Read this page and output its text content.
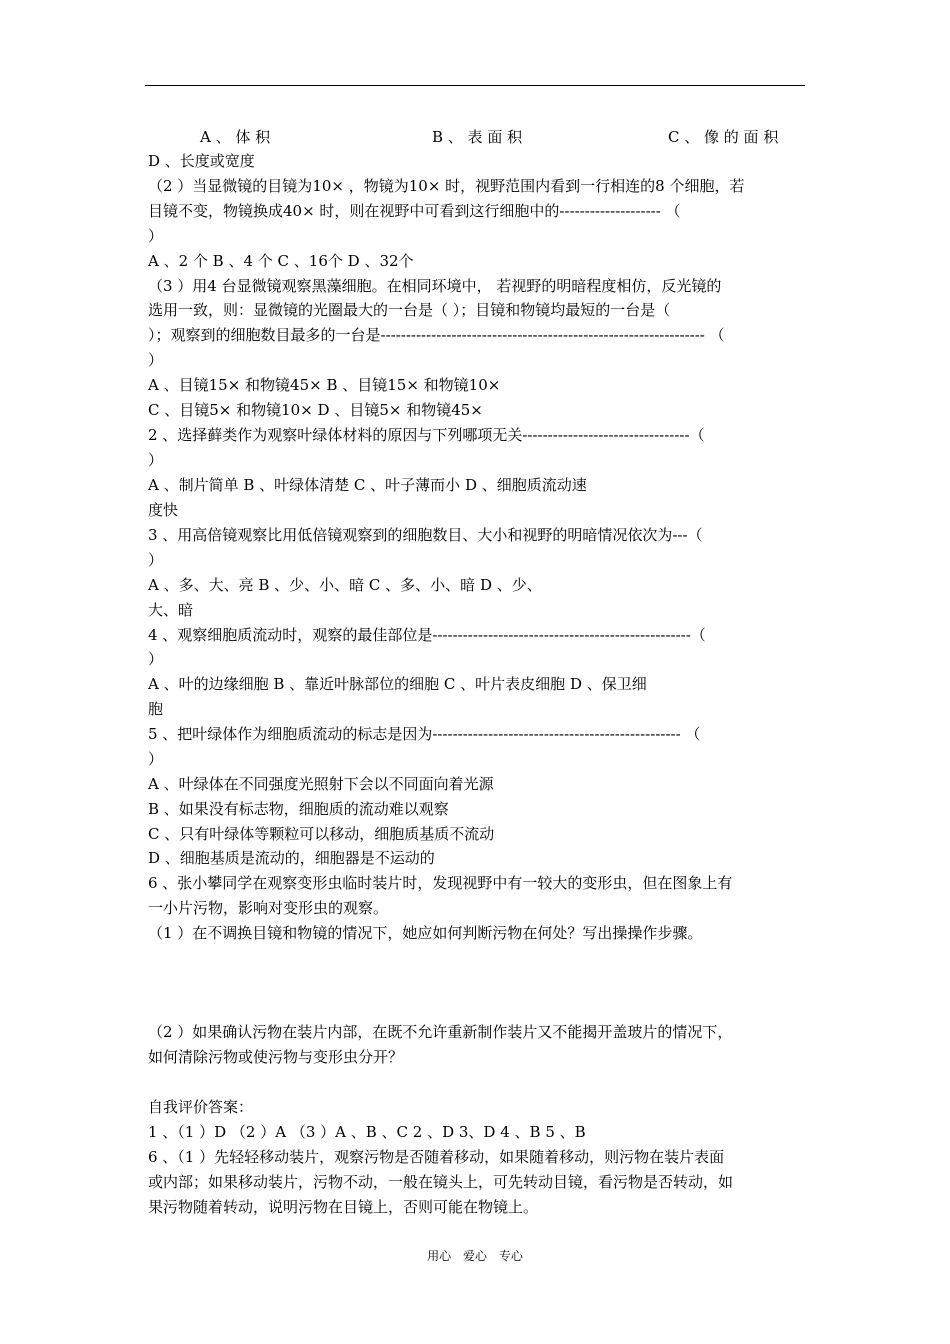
A 、 体 积	B 、 表 面 积	C 、 像 的 面 积
D 、长度或宽度
（2 ）当显微镜的目镜为10× ，物镜为10× 时，视野范围内看到一行相连的8 个细胞，若
目镜不变，物镜换成40× 时，则在视野中可看到这行细胞中的-------------------- （
）
A 、2 个 B 、4 个 C 、16个 D 、32个
（3 ）用4 台显微镜观察黑藻细胞。在相同环境中， 若视野的明暗程度相仿，反光镜的
选用一致，则：显微镜的光圈最大的一台是（ ）；目镜和物镜均最短的一台是（
）；观察到的细胞数目最多的一台是---------------------------------------------------------------- （
）
A 、目镜15× 和物镜45× B 、目镜15× 和物镜10×
C 、目镜5× 和物镜10× D 、目镜5× 和物镜45×
2 、选择藓类作为观察叶绿体材料的原因与下列哪项无关---------------------------------（
）
A 、制片简单 B 、叶绿体清楚 C 、叶子薄而小 D 、细胞质流动速
度快
3 、用高倍镜观察比用低倍镜观察到的细胞数目、大小和视野的明暗情况依次为---（
）
A 、多、大、亮 B 、少、小、暗 C 、多、小、暗 D 、少、
大、暗
4 、观察细胞质流动时，观察的最佳部位是---------------------------------------------------（
）
A 、叶的边缘细胞 B 、靠近叶脉部位的细胞 C 、叶片表皮细胞 D 、保卫细
胞
5 、把叶绿体作为细胞质流动的标志是因为------------------------------------------------- （
）
A 、叶绿体在不同强度光照射下会以不同面向着光源
B 、如果没有标志物，细胞质的流动难以观察
C 、只有叶绿体等颗粒可以移动，细胞质基质不流动
D 、细胞基质是流动的，细胞器是不运动的
6 、张小攀同学在观察变形虫临时装片时，发现视野中有一较大的变形虫，但在图象上有
一小片污物，影响对变形虫的观察。
（1 ）在不调换目镜和物镜的情况下，她应如何判断污物在何处？写出操操作步骤。
（2 ）如果确认污物在装片内部，在既不允许重新制作装片又不能揭开盖玻片的情况下，
如何清除污物或使污物与变形虫分开？
自我评价答案：
1 、（1 ）D （2 ）A （3 ）A 、B 、C 2 、D 3、D 4 、B 5 、B
6 、（1 ）先轻轻移动装片，观察污物是否随着移动，如果随着移动，则污物在装片表面
或内部；如果移动装片，污物不动，一般在镜头上，可先转动目镜，看污物是否转动，如
果污物随着转动，说明污物在目镜上，否则可能在物镜上。
用心 爱心 专心
